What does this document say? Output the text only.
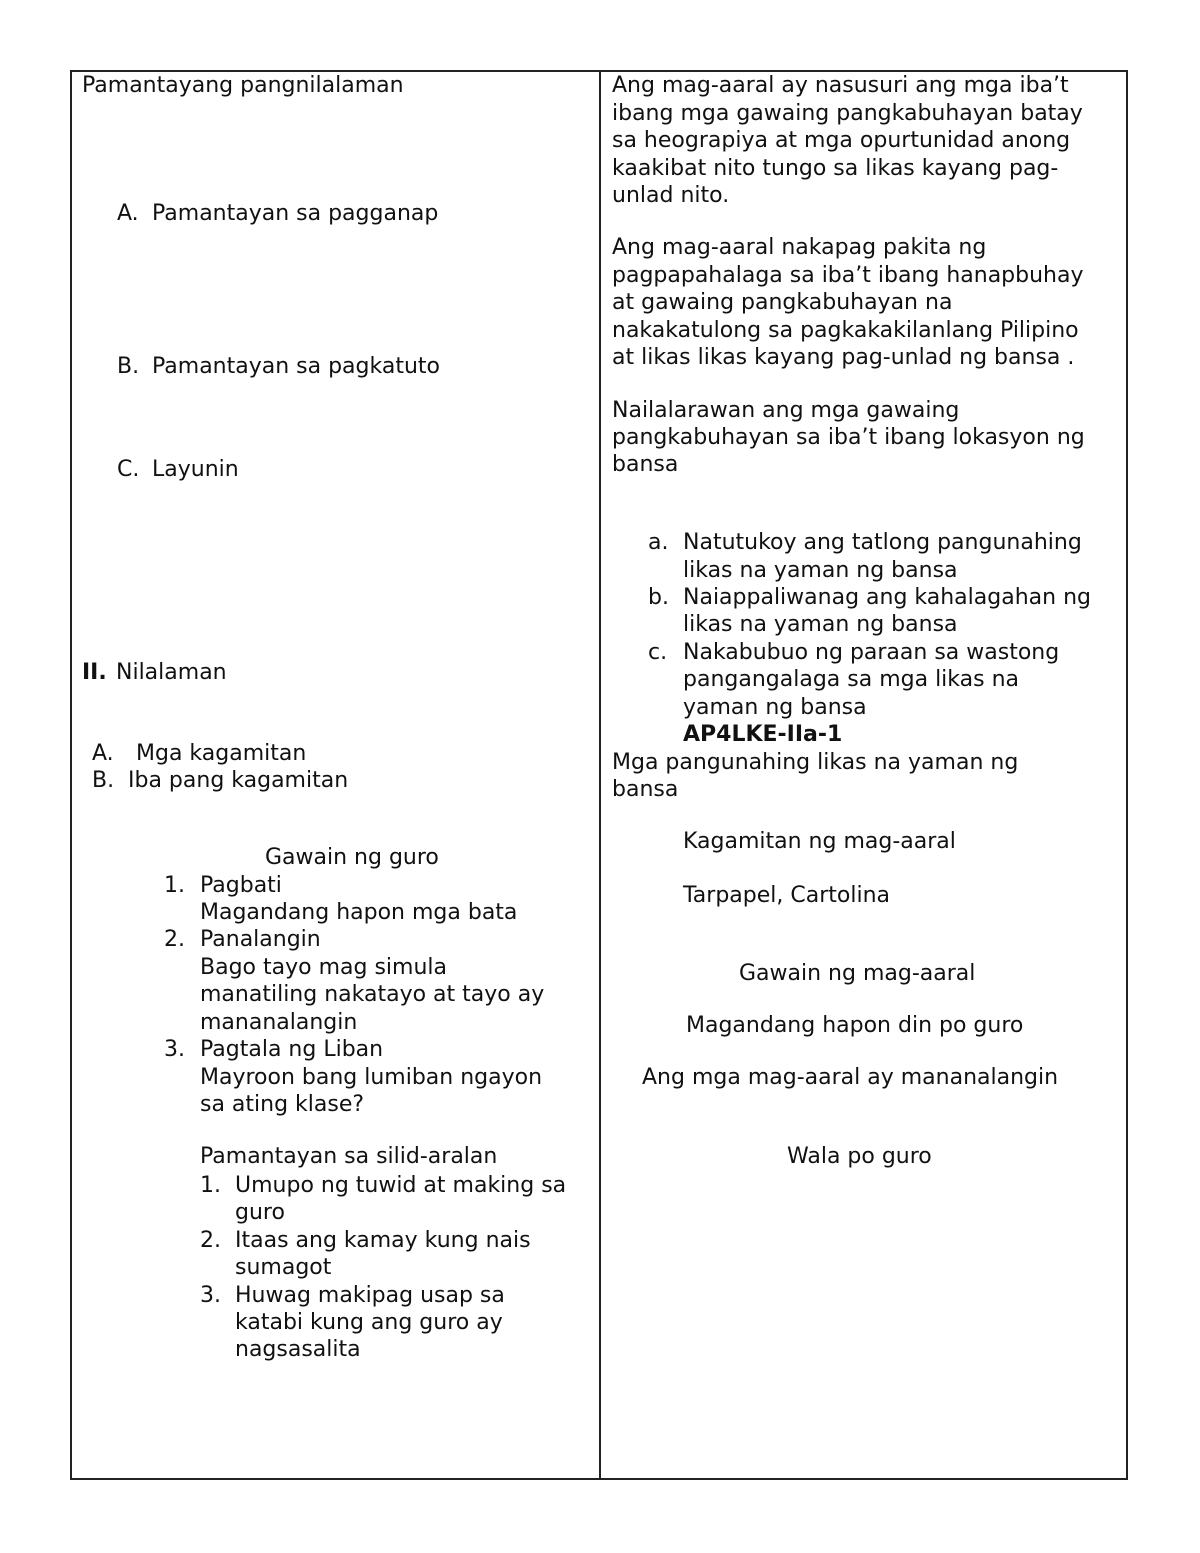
Pamantayang pangnilalaman
A. Pamantayan sa pagganap
B. Pamantayan sa pagkatuto
C. Layunin
II. Nilalaman
A. Mga kagamitan
B. Iba pang kagamitan
Gawain ng guro
1. Pagbati
Magandang hapon mga bata
2. Panalangin
Bago tayo mag simula
manatiling nakatayo at tayo ay
mananalangin
3. Pagtala ng Liban
Mayroon bang lumiban ngayon
sa ating klase?
Pamantayan sa silid-aralan
1. Umupo ng tuwid at making sa
guro
2. Itaas ang kamay kung nais
sumagot
3. Huwag makipag usap sa
katabi kung ang guro ay
nagsasalita
Ang mag-aaral ay nasusuri ang mga iba’t
ibang mga gawaing pangkabuhayan batay
sa heograpiya at mga opurtunidad anong
kaakibat nito tungo sa likas kayang pag-
unlad nito.
Ang mag-aaral nakapag pakita ng
pagpapahalaga sa iba’t ibang hanapbuhay
at gawaing pangkabuhayan na
nakakatulong sa pagkakakilanlang Pilipino
at likas likas kayang pag-unlad ng bansa .
Nailalarawan ang mga gawaing
pangkabuhayan sa iba’t ibang lokasyon ng
bansa
a. Natutukoy ang tatlong pangunahing
likas na yaman ng bansa
b. Naiappaliwanag ang kahalagahan ng
likas na yaman ng bansa
c. Nakabubuo ng paraan sa wastong
pangangalaga sa mga likas na
yaman ng bansa
AP4LKE-IIa-1
Mga pangunahing likas na yaman ng
bansa
Kagamitan ng mag-aaral
Tarpapel, Cartolina
Gawain ng mag-aaral
Magandang hapon din po guro
Ang mga mag-aaral ay mananalangin
Wala po guro
